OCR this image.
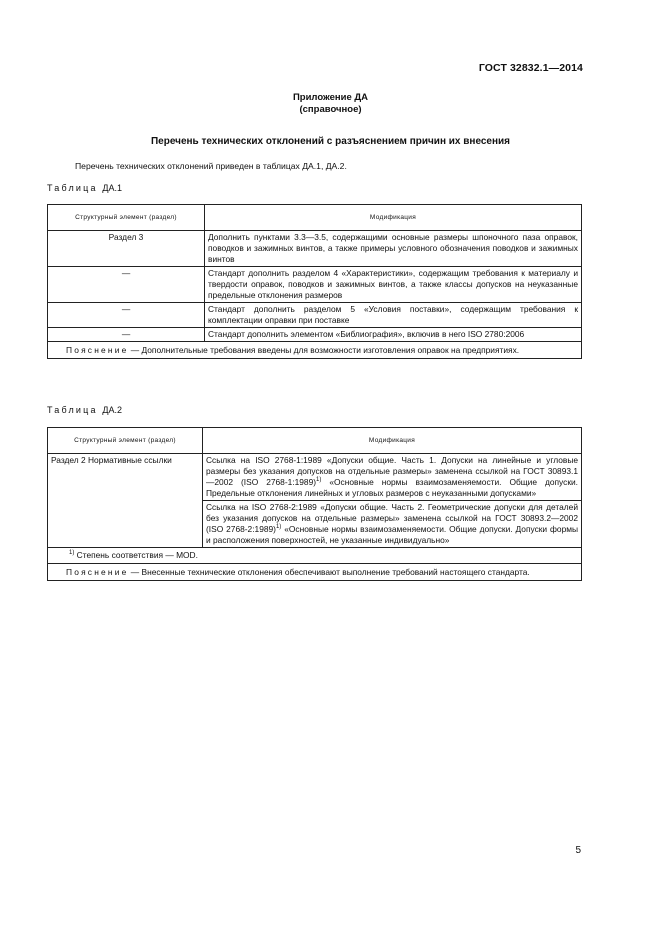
ГОСТ 32832.1—2014
Приложение ДА
(справочное)
Перечень технических отклонений с разъяснением причин их внесения
Перечень технических отклонений приведен в таблицах ДА.1, ДА.2.
Таблица ДА.1
Структурный элемент (раздел)	Модификация
Раздел 3	Дополнить пунктами 3.3—3.5, содержащими основные размеры шпоночного паза оправок, поводков и зажимных винтов, а также примеры условного обозначения поводков и зажимных винтов
—	Стандарт дополнить разделом 4 «Характеристики», содержащим требования к материалу и твердости оправок, поводков и зажимных винтов, а также классы допусков на неуказанные предельные отклонения размеров
—	Стандарт дополнить разделом 5 «Условия поставки», содержащим требования к комплектации оправки при поставке
—	Стандарт дополнить элементом «Библиография», включив в него ISO 2780:2006
Пояснение — Дополнительные требования введены для возможности изготовления оправок на предприятиях.	
Таблица ДА.2
Структурный элемент (раздел)	Модификация
Раздел 2 Нормативные ссылки	Ссылка на ISO 2768-1:1989 «Допуски общие. Часть 1. Допуски на линейные и угловые размеры без указания допусков на отдельные размеры» заменена ссылкой на ГОСТ 30893.1—2002 (ISO 2768-1:1989)$^{1)}$ «Основные нормы взаимозаменяемости. Общие допуски. Предельные отклонения линейных и угловых размеров с неуказанными допусками»
	Ссылка на ISO 2768-2:1989 «Допуски общие. Часть 2. Геометрические допуски для деталей без указания допусков на отдельные размеры» заменена ссылкой на ГОСТ 30893.2—2002 (ISO 2768-2:1989)$^{1)}$ «Основные нормы взаимозаменяемости. Общие допуски. Допуски формы и расположения поверхностей, не указанные индивидуально»
$^{1)}$ Степень соответствия — MOD.	
Пояснение — Внесенные технические отклонения обеспечивают выполнение требований настоящего стандарта.	
5
